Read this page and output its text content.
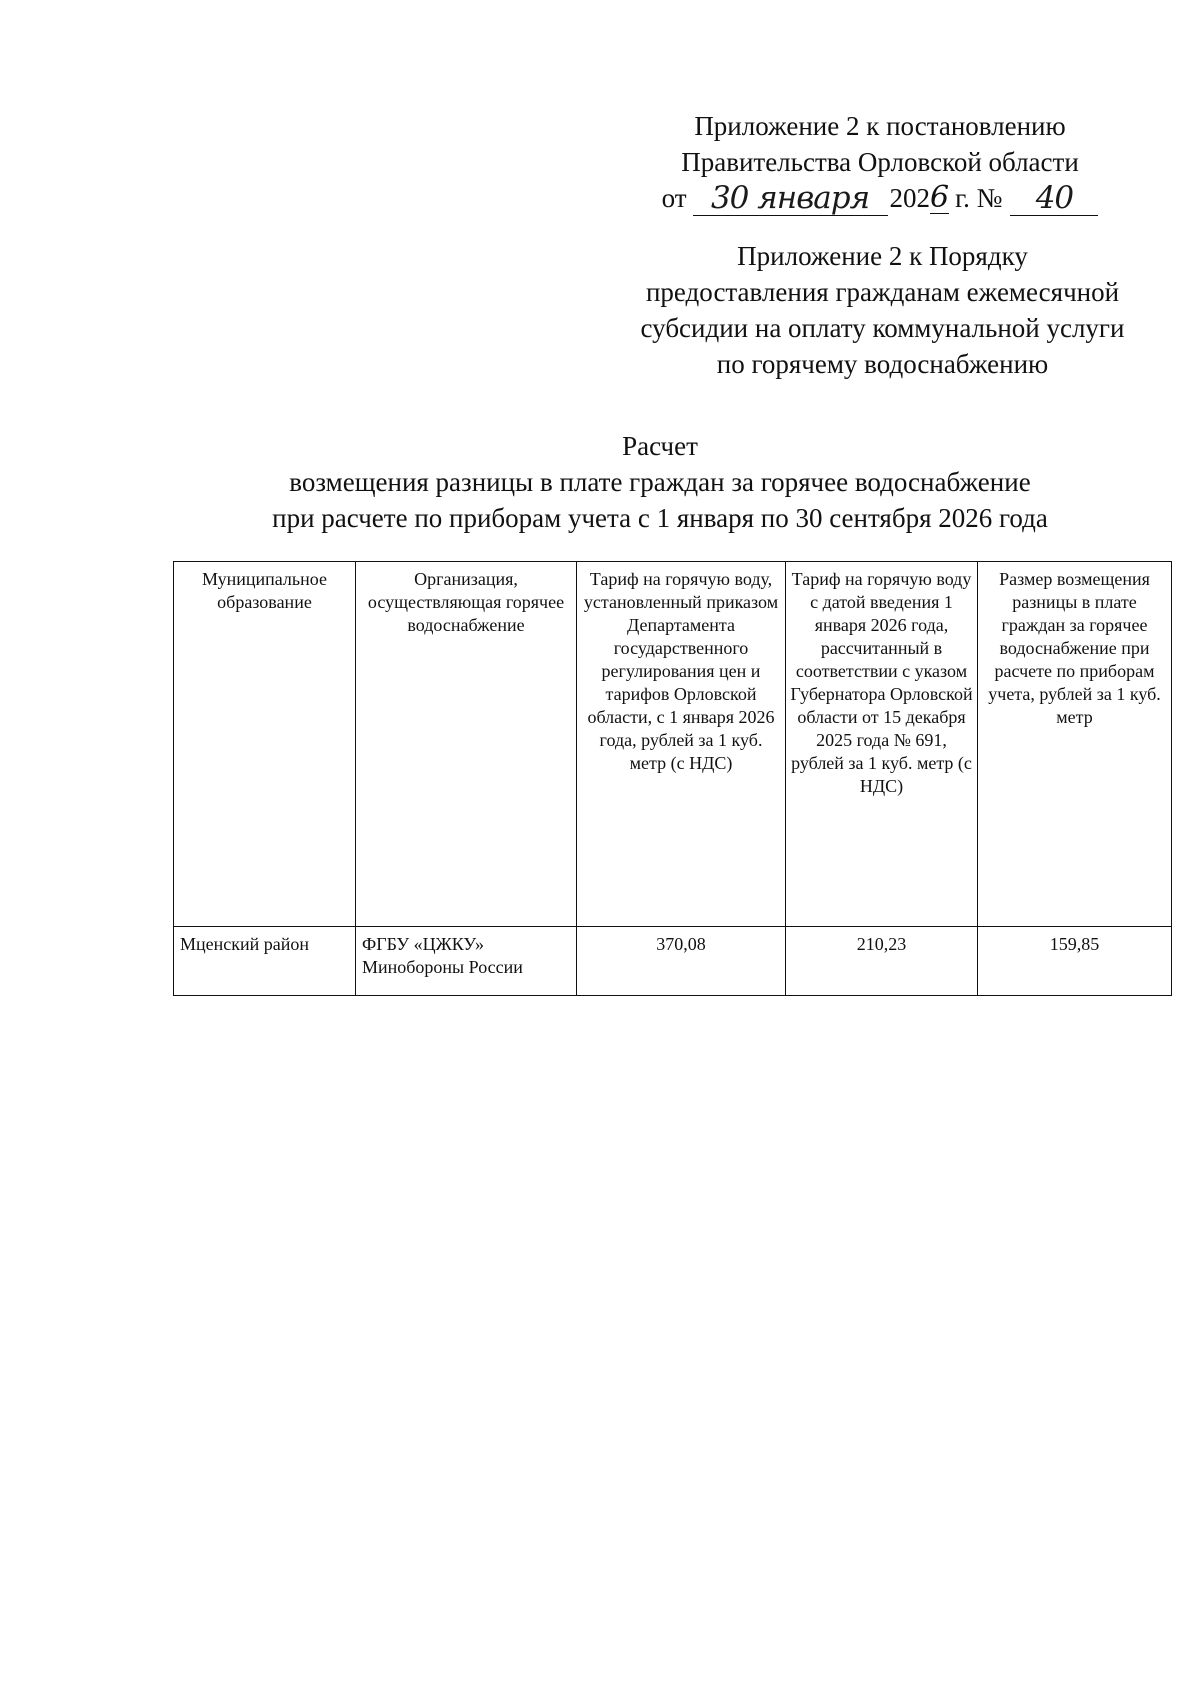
Приложение 2 к постановлению
Правительства Орловской области
от 30 января 2026 г. №	40
Приложение 2 к Порядку
предоставления гражданам ежемесячной
субсидии на оплату коммунальной услуги
по горячему водоснабжению
Расчет
возмещения разницы в плате граждан за горячее водоснабжение
при расчете по приборам учета с 1 января по 30 сентября 2026 года
Муниципальное образование	Организация, осуществляющая горячее водоснабжение	Тариф на горячую воду, установленный приказом Департамента государственного регулирования цен и тарифов Орловской области, с 1 января 2026 года, рублей за 1 куб. метр (с НДС)	Тариф на горячую воду с датой введения 1 января 2026 года, рассчитанный в соответствии с указом Губернатора Орловской области от 15 декабря 2025 года № 691, рублей за 1 куб. метр (с НДС)	Размер возмещения разницы в плате граждан за горячее водоснабжение при расчете по приборам учета, рублей за 1 куб. метр
Мценский район	ФГБУ «ЦЖКУ» Минобороны России	370,08	210,23	159,85
